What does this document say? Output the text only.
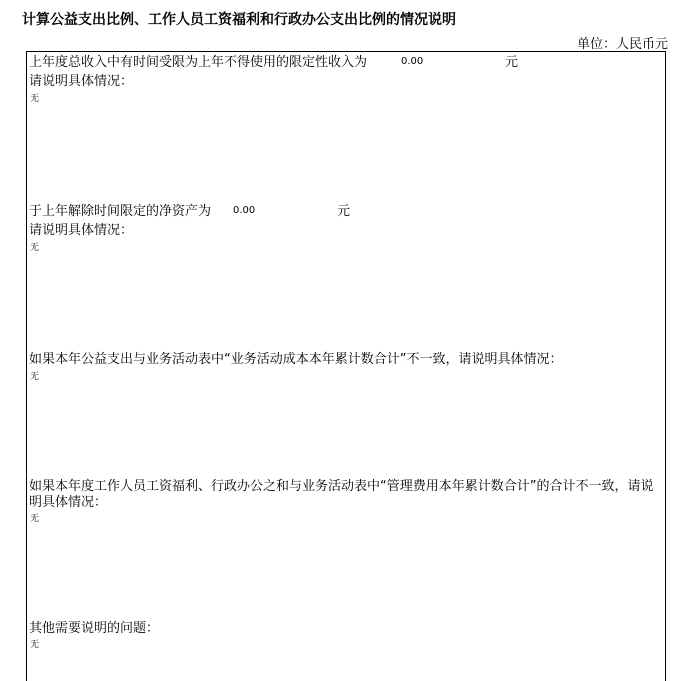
计算公益支出比例、工作人员工资福利和行政办公支出比例的情况说明
单位：人民币元
上年度总收入中有时间受限为上年不得使用的限定性收入为	0.00	元
请说明具体情况：
无
于上年解除时间限定的净资产为 0.00	元
请说明具体情况：
无
如果本年公益支出与业务活动表中“业务活动成本本年累计数合计”不一致，请说明具体情况：
无
如果本年度工作人员工资福利、行政办公之和与业务活动表中“管理费用本年累计数合计”的合计不一致，请说明具体情况：
无
其他需要说明的问题：
无
